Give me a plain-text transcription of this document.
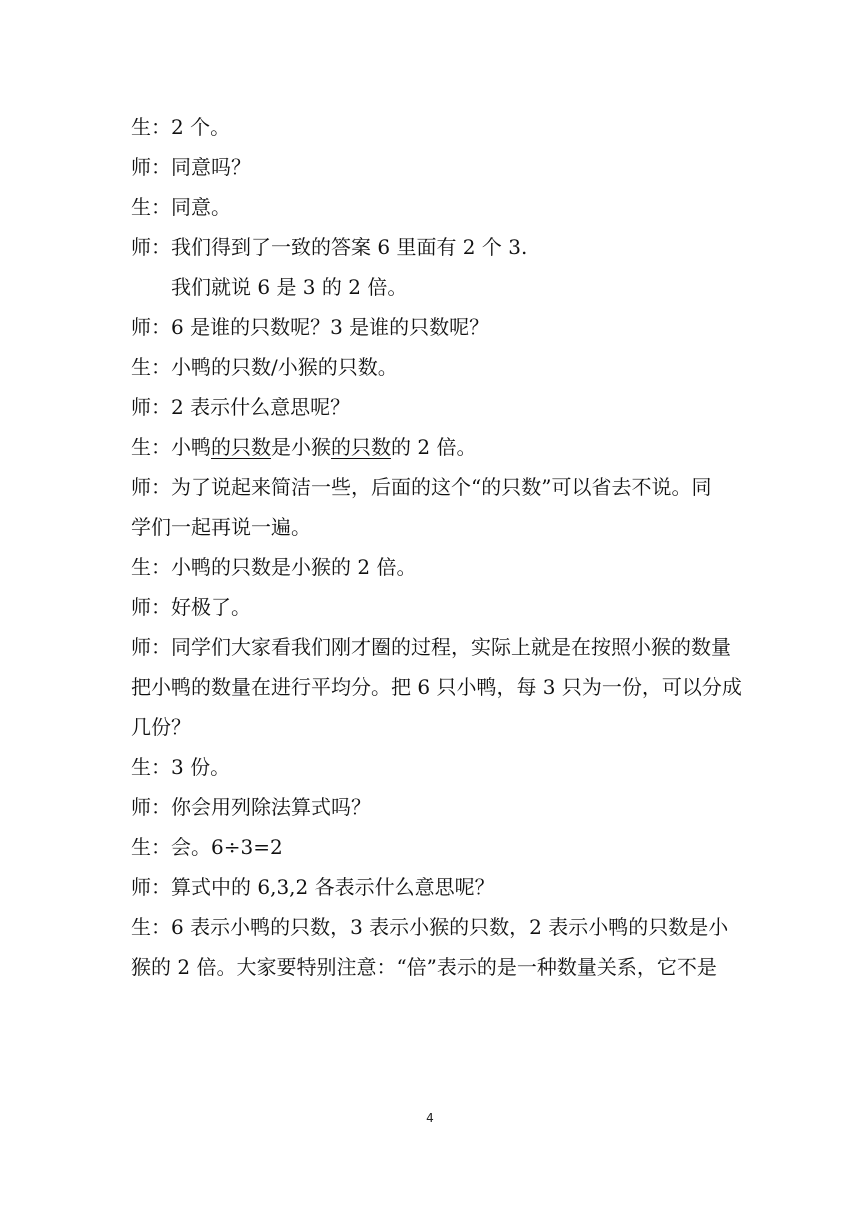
生：2 个。

师：同意吗？

生：同意。

师：我们得到了一致的答案 6 里面有 2 个 3.

我们就说 6 是 3 的 2 倍。

师：6 是谁的只数呢？3 是谁的只数呢？

生：小鸭的只数/小猴的只数。

师：2 表示什么意思呢？

生：小鸭的只数是小猴的只数的 2 倍。

师：为了说起来简洁一些，后面的这个“的只数”可以省去不说。同

学们一起再说一遍。

生：小鸭的只数是小猴的 2 倍。

师：好极了。

师：同学们大家看我们刚才圈的过程，实际上就是在按照小猴的数量

把小鸭的数量在进行平均分。把 6 只小鸭，每 3 只为一份，可以分成

几份？

生：3 份。

师：你会用列除法算式吗？

生：会。6÷3=2

师：算式中的 6,3,2 各表示什么意思呢？

生：6 表示小鸭的只数，3 表示小猴的只数，2 表示小鸭的只数是小

猴的 2 倍。大家要特别注意：“倍”表示的是一种数量关系，它不是

4
